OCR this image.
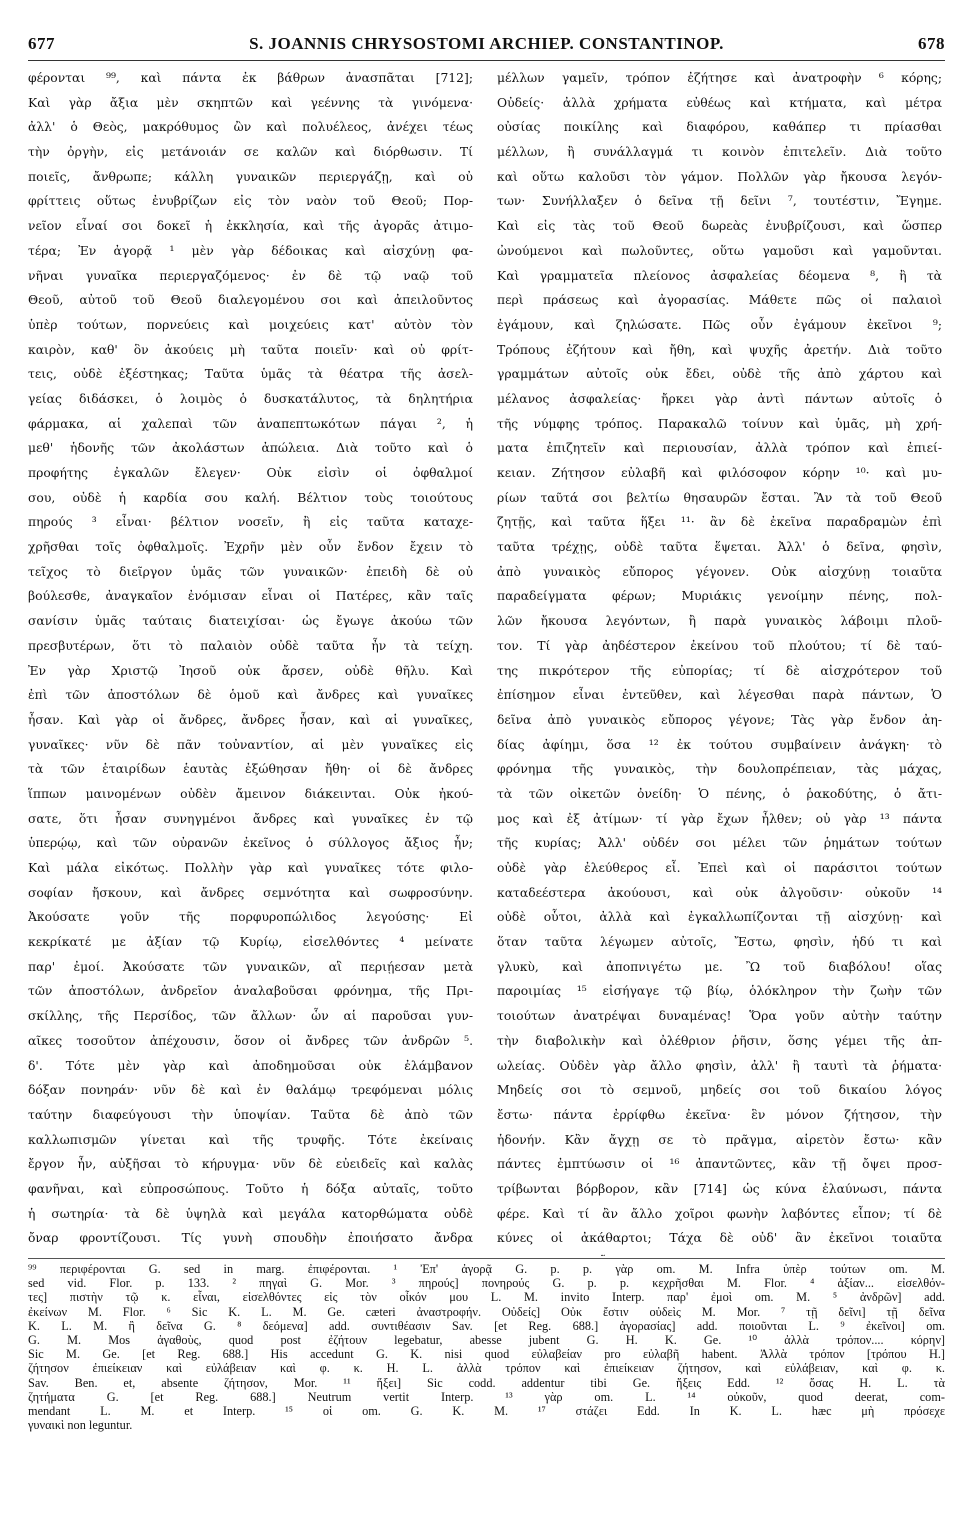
677	S. JOANNIS CHRYSOSTOMI ARCHIEP. CONSTANTINOP.	678
φέρονται ⁹⁹, καὶ πάντα ἐκ βάθρων ἀνασπᾶται [712];
Καὶ γὰρ ἄξια μὲν σκηπτῶν καὶ γεέννης τὰ γινόμενα·
ἀλλ' ὁ Θεὸς, μακρόθυμος ὢν καὶ πολυέλεος, ἀνέχει τέως
τὴν ὀργὴν, εἰς μετάνοιάν σε καλῶν καὶ διόρθωσιν. Τί
ποιεῖς, ἄνθρωπε; κάλλη γυναικῶν περιεργάζῃ, καὶ οὐ
φρίττεις οὕτως ἐνυβρίζων εἰς τὸν ναὸν τοῦ Θεοῦ; Πορ-
νεῖον εἶναί σοι δοκεῖ ἡ ἐκκλησία, καὶ τῆς ἀγορᾶς ἀτιμο-
τέρα; Ἐν ἀγορᾷ ¹ μὲν γὰρ δέδοικας καὶ αἰσχύνῃ φα-
νῆναι γυναῖκα περιεργαζόμενος· ἐν δὲ τῷ ναῷ τοῦ
Θεοῦ, αὐτοῦ τοῦ Θεοῦ διαλεγομένου σοι καὶ ἀπειλοῦντος
ὑπὲρ τούτων, πορνεύεις καὶ μοιχεύεις κατ' αὐτὸν τὸν
καιρὸν, καθ' ὃν ἀκούεις μὴ ταῦτα ποιεῖν· καὶ οὐ φρίτ-
τεις, οὐδὲ ἐξέστηκας; Ταῦτα ὑμᾶς τὰ θέατρα τῆς ἀσελ-
γείας διδάσκει, ὁ λοιμὸς ὁ δυσκατάλυτος, τὰ δηλητήρια
φάρμακα, αἱ χαλεπαὶ τῶν ἀναπεπτωκότων πάγαι ², ἡ
μεθ' ἡδονῆς τῶν ἀκολάστων ἀπώλεια. Διὰ τοῦτο καὶ ὁ
προφήτης ἐγκαλῶν ἔλεγεν· Οὐκ εἰσὶν οἱ ὀφθαλμοί
σου, οὐδὲ ἡ καρδία σου καλή. Βέλτιον τοὺς τοιούτους
πηρούς ³ εἶναι· βέλτιον νοσεῖν, ἢ εἰς ταῦτα καταχε-
χρῆσθαι τοῖς ὀφθαλμοῖς. Ἐχρῆν μὲν οὖν ἔνδον ἔχειν τὸ
τεῖχος τὸ διεῖργον ὑμᾶς τῶν γυναικῶν· ἐπειδὴ δὲ οὐ
βούλεσθε, ἀναγκαῖον ἐνόμισαν εἶναι οἱ Πατέρες, κἂν ταῖς
σανίσιν ὑμᾶς ταύταις διατειχίσαι· ὡς ἔγωγε ἀκούω τῶν
πρεσβυτέρων, ὅτι τὸ παλαιὸν οὐδὲ ταῦτα ἦν τὰ τείχη.
Ἐν γὰρ Χριστῷ Ἰησοῦ οὐκ ἄρσεν, οὐδὲ θῆλυ. Καὶ
ἐπὶ τῶν ἀποστόλων δὲ ὁμοῦ καὶ ἄνδρες καὶ γυναῖκες
ἦσαν. Καὶ γὰρ οἱ ἄνδρες, ἄνδρες ἦσαν, καὶ αἱ γυναῖκες,
γυναῖκες· νῦν δὲ πᾶν τοὐναντίον, αἱ μὲν γυναῖκες εἰς
τὰ τῶν ἑταιρίδων ἑαυτὰς ἐξώθησαν ἤθη· οἱ δὲ ἄνδρες
ἵππων μαινομένων οὐδὲν ἄμεινον διάκεινται. Οὐκ ἠκού-
σατε, ὅτι ἦσαν συνηγμένοι ἄνδρες καὶ γυναῖκες ἐν τῷ
ὑπερῴῳ, καὶ τῶν οὐρανῶν ἐκεῖνος ὁ σύλλογος ἄξιος ἦν;
Καὶ μάλα εἰκότως. Πολλὴν γὰρ καὶ γυναῖκες τότε φιλο-
σοφίαν ἤσκουν, καὶ ἄνδρες σεμνότητα καὶ σωφροσύνην.
Ἀκούσατε γοῦν τῆς πορφυροπώλιδος λεγούσης· Εἰ
κεκρίκατέ με ἀξίαν τῷ Κυρίῳ, εἰσελθόντες ⁴ μείνατε
παρ' ἐμοί. Ἀκούσατε τῶν γυναικῶν, αἳ περιῄεσαν μετὰ
τῶν ἀποστόλων, ἀνδρεῖον ἀναλαβοῦσαι φρόνημα, τῆς Πρι-
σκίλλης, τῆς Περσίδος, τῶν ἄλλων· ὧν αἱ παροῦσαι γυν-
αῖκες τοσοῦτον ἀπέχουσιν, ὅσον οἱ ἄνδρες τῶν ἀνδρῶν ⁵.
δ'. Τότε μὲν γὰρ καὶ ἀποδημοῦσαι οὐκ ἐλάμβανον
δόξαν πονηράν· νῦν δὲ καὶ ἐν θαλάμῳ τρεφόμεναι μόλις
ταύτην διαφεύγουσι τὴν ὑποψίαν. Ταῦτα δὲ ἀπὸ τῶν
καλλωπισμῶν γίνεται καὶ τῆς τρυφῆς. Τότε ἐκείναις
ἔργον ἦν, αὐξῆσαι τὸ κήρυγμα· νῦν δὲ εὐειδεῖς καὶ καλὰς
φανῆναι, καὶ εὐπροσώπους. Τοῦτο ἡ δόξα αὐταῖς, τοῦτο
ἡ σωτηρία· τὰ δὲ ὑψηλὰ καὶ μεγάλα κατορθώματα οὐδὲ
ὄναρ φροντίζουσι. Τίς γυνὴ σπουδὴν ἐποιήσατο ἄνδρα
μέλλων γαμεῖν, τρόπον ἐζήτησε καὶ ἀνατροφὴν ⁶ κόρης;
Οὐδείς· ἀλλὰ χρήματα εὐθέως καὶ κτήματα, καὶ μέτρα
οὐσίας ποικίλης καὶ διαφόρου, καθάπερ τι πρίασθαι
μέλλων, ἢ συνάλλαγμά τι κοινὸν ἐπιτελεῖν. Διὰ τοῦτο
καὶ οὕτω καλοῦσι τὸν γάμον. Πολλῶν γὰρ ἤκουσα λεγόν-
των· Συνήλλαξεν ὁ δεῖνα τῇ δεῖνι ⁷, τουτέστιν, Ἔγημε.
Καὶ εἰς τὰς τοῦ Θεοῦ δωρεὰς ἐνυβρίζουσι, καὶ ὥσπερ
ὠνούμενοι καὶ πωλοῦντες, οὕτω γαμοῦσι καὶ γαμοῦνται.
Καὶ γραμματεῖα πλείονος ἀσφαλείας δέομενα ⁸, ἢ τὰ
περὶ πράσεως καὶ ἀγορασίας. Μάθετε πῶς οἱ παλαιοὶ
ἐγάμουν, καὶ ζηλώσατε. Πῶς οὖν ἐγάμουν ἐκεῖνοι ⁹;
Τρόπους ἐζήτουν καὶ ἤθη, καὶ ψυχῆς ἀρετήν. Διὰ τοῦτο
γραμμάτων αὐτοῖς οὐκ ἔδει, οὐδὲ τῆς ἀπὸ χάρτου καὶ
μέλανος ἀσφαλείας· ἤρκει γὰρ ἀντὶ πάντων αὐτοῖς ὁ
τῆς νύμφης τρόπος. Παρακαλῶ τοίνυν καὶ ὑμᾶς, μὴ χρή-
ματα ἐπιζητεῖν καὶ περιουσίαν, ἀλλὰ τρόπον καὶ ἐπιεί-
κειαν. Ζήτησον εὐλαβῆ καὶ φιλόσοφον κόρην ¹⁰· καὶ μυ-
ρίων ταῦτά σοι βελτίω θησαυρῶν ἔσται. Ἂν τὰ τοῦ Θεοῦ
ζητῇς, καὶ ταῦτα ἥξει ¹¹· ἂν δὲ ἐκεῖνα παραδραμὼν ἐπὶ
ταῦτα τρέχῃς, οὐδὲ ταῦτα ἕψεται. Ἀλλ' ὁ δεῖνα, φησὶν,
ἀπὸ γυναικὸς εὔπορος γέγονεν. Οὐκ αἰσχύνῃ τοιαῦτα
παραδείγματα φέρων; Μυριάκις γενοίμην πένης, πολ-
λῶν ἤκουσα λεγόντων, ἢ παρὰ γυναικὸς λάβοιμι πλοῦ-
τον. Τί γὰρ ἀηδέστερον ἐκείνου τοῦ πλούτου; τί δὲ ταύ-
της πικρότερον τῆς εὐπορίας; τί δὲ αἰσχρότερον τοῦ
ἐπίσημον εἶναι ἐντεῦθεν, καὶ λέγεσθαι παρὰ πάντων, Ὁ
δεῖνα ἀπὸ γυναικὸς εὔπορος γέγονε; Τὰς γὰρ ἔνδον ἀη-
δίας ἀφίημι, ὅσα ¹² ἐκ τούτου συμβαίνειν ἀνάγκη· τὸ
φρόνημα τῆς γυναικὸς, τὴν δουλοπρέπειαν, τὰς μάχας,
τὰ τῶν οἰκετῶν ὀνείδη· Ὁ πένης, ὁ ῥακοδύτης, ὁ ἄτι-
μος καὶ ἐξ ἀτίμων· τί γὰρ ἔχων ἦλθεν; οὐ γὰρ ¹³ πάντα
τῆς κυρίας; Ἀλλ' οὐδέν σοι μέλει τῶν ῥημάτων τούτων
οὐδὲ γὰρ ἐλεύθερος εἶ. Ἐπεὶ καὶ οἱ παράσιτοι τούτων
καταδεέστερα ἀκούουσι, καὶ οὐκ ἀλγοῦσιν· οὐκοῦν ¹⁴
οὐδὲ οὗτοι, ἀλλὰ καὶ ἐγκαλλωπίζονται τῇ αἰσχύνῃ· καὶ
ὅταν ταῦτα λέγωμεν αὐτοῖς, Ἔστω, φησὶν, ἡδύ τι καὶ
γλυκὺ, καὶ ἀποπνιγέτω με. Ὢ τοῦ διαβόλου! οἵας
παροιμίας ¹⁵ εἰσήγαγε τῷ βίῳ, ὁλόκληρον τὴν ζωὴν τῶν
τοιούτων ἀνατρέψαι δυναμένας! Ὅρα γοῦν αὐτὴν ταύτην
τὴν διαβολικὴν καὶ ὀλέθριον ῥῆσιν, ὅσης γέμει τῆς ἀπ-
ωλείας. Οὐδὲν γὰρ ἄλλο φησὶν, ἀλλ' ἢ ταυτὶ τὰ ῥήματα·
Μηδείς σοι τὸ σεμνοῦ, μηδείς σοι τοῦ δικαίου λόγος
ἔστω· πάντα ἐρρίφθω ἐκεῖνα· ἓν μόνον ζήτησον, τὴν
ἡδονήν. Κἂν ἄγχῃ σε τὸ πρᾶγμα, αἱρετὸν ἔστω· κἂν
πάντες ἐμπτύωσιν οἱ ¹⁶ ἀπαντῶντες, κἂν τῇ ὄψει προσ-
τρίβωνται βόρβορον, κἂν [714] ὡς κύνα ἐλαύνωσι, πάντα
φέρε. Καὶ τί ἂν ἄλλο χοῖροι φωνὴν λαβόντες εἶπον; τί δὲ
κύνες οἱ ἀκάθαρτοι; Τάχα δὲ οὐδ' ἂν ἐκεῖνοι τοιαῦτα
⁹⁹ περιφέρονται G. sed in marg. ἐπιφέρονται. ¹ Ἐπ' ἀγορᾷ G. p. p. γὰρ om. M. Infra ὑπὲρ τούτων om. M.
sed vid. Flor. p. 133. ² πηγαὶ G. Mor. ³ πηρούς] πονηρούς G. p. p. κεχρῆσθαι M. Flor. ⁴ ἀξίαν... εἰσελθόν-
τες] πιστὴν τῷ κ. εἶναι, εἰσελθόντες εἰς τὸν οἶκόν μου L. M. invito Interp. παρ' ἐμοὶ om. M. ⁵ ἀνδρῶν] add.
ἐκείνων M. Flor. ⁶ Sic K. L. M. Ge. cæteri ἀναστροφήν. Οὐδείς] Οὐκ ἔστιν οὐδεὶς M. Mor. ⁷ τῇ δεῖνι] τῇ δεῖνα
K. L. M. ἢ δεῖνα G. ⁸ δεόμενα] add. συντιθέασιν Sav. [et Reg. 688.] ἀγορασίας] add. ποιοῦνται L. ⁹ ἐκεῖνοι] om.
G. M. Mos ἀγαθοὺς, quod post ἐζήτουν legebatur, abesse jubent G. H. K. Ge. ¹⁰ ἀλλὰ τρόπον.... κόρην]
Sic M. Ge. [et Reg. 688.] His accedunt G. K. nisi quod εὐλαβείαν pro εὐλαβῆ habent. Ἀλλὰ τρόπον [τρόπου H.]
ζήτησον ἐπιείκειαν καὶ εὐλάβειαν καὶ φ. κ. H. L. ἀλλὰ τρόπον καὶ ἐπιείκειαν ζήτησον, καὶ εὐλάβειαν, καὶ φ. κ.
Sav. Ben. et, absente ζήτησον, Mor. ¹¹ ἥξει] Sic codd. addentur tibi Ge. ἥξεις Edd. ¹² ὅσας H. L. τὰ
ζητήματα G. [et Reg. 688.] Neutrum vertit Interp. ¹³ γὰρ om. L. ¹⁴ οὐκοῦν, quod deerat, com-
mendant L. M. et Interp. ¹⁵ οἱ om. G. K. M. ¹⁷ στάζει Edd. In K. L. hæc μὴ πρόσεχε
γυναικὶ non leguntur.
